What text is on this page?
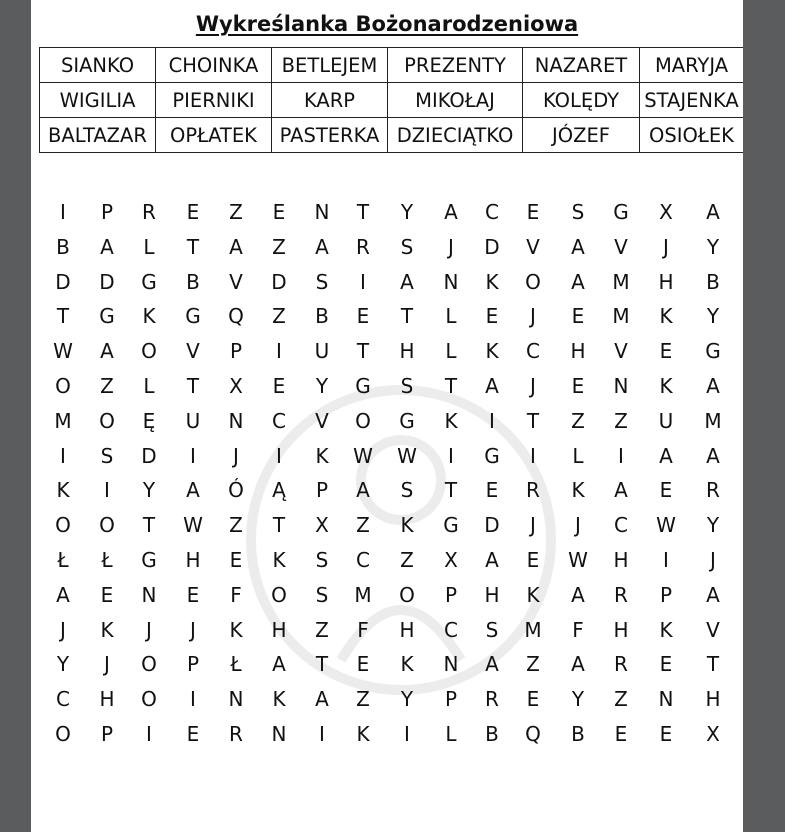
Wykreślanka Bożonarodzeniowa
SIANKO	CHOINKA	BETLEJEM	PREZENTY	NAZARET	MARYJA
WIGILIA	PIERNIKI	KARP	MIKOŁAJ	KOLĘDY	STAJENKA
BALTAZAR	OPŁATEK	PASTERKA	DZIECIĄTKO	JÓZEF	OSIOŁEK
I	P	R	E	Z	E	N	T	Y	A	C	E	S	G	X	A
B	A	L	T	A	Z	A	R	S	J	D	V	A	V	J	Y
D	D	G	B	V	D	S	I	A	N	K	O	A	M	H	B
T	G	K	G	Q	Z	B	E	T	L	E	J	E	M	K	Y
W	A	O	V	P	I	U	T	H	L	K	C	H	V	E	G
O	Z	L	T	X	E	Y	G	S	T	A	J	E	N	K	A
M	O	Ę	U	N	C	V	O	G	K	I	T	Z	Z	U	M
I	S	D	I	J	I	K	W	W	I	G	I	L	I	A	A
K	I	Y	A	Ó	Ą	P	A	S	T	E	R	K	A	E	R
O	O	T	W	Z	T	X	Z	K	G	D	J	J	C	W	Y
Ł	Ł	G	H	E	K	S	C	Z	X	A	E	W	H	I	J
A	E	N	E	F	O	S	M	O	P	H	K	A	R	P	A
J	K	J	J	K	H	Z	F	H	C	S	M	F	H	K	V
Y	J	O	P	Ł	A	T	E	K	N	A	Z	A	R	E	T
C	H	O	I	N	K	A	Z	Y	P	R	E	Y	Z	N	H
O	P	I	E	R	N	I	K	I	L	B	Q	B	E	E	X
